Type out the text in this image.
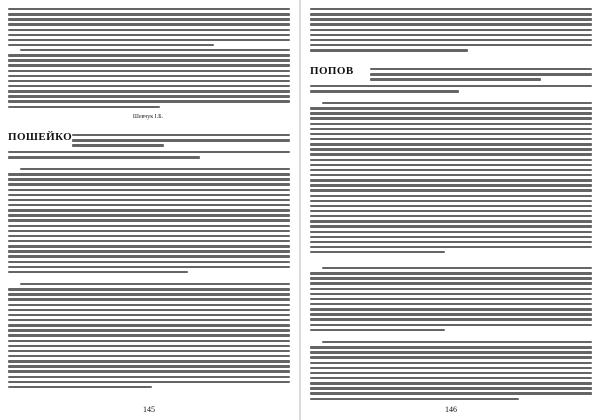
Шевчук І.Б.
ПОШЕЙКО
145
ПОПОВ
146
